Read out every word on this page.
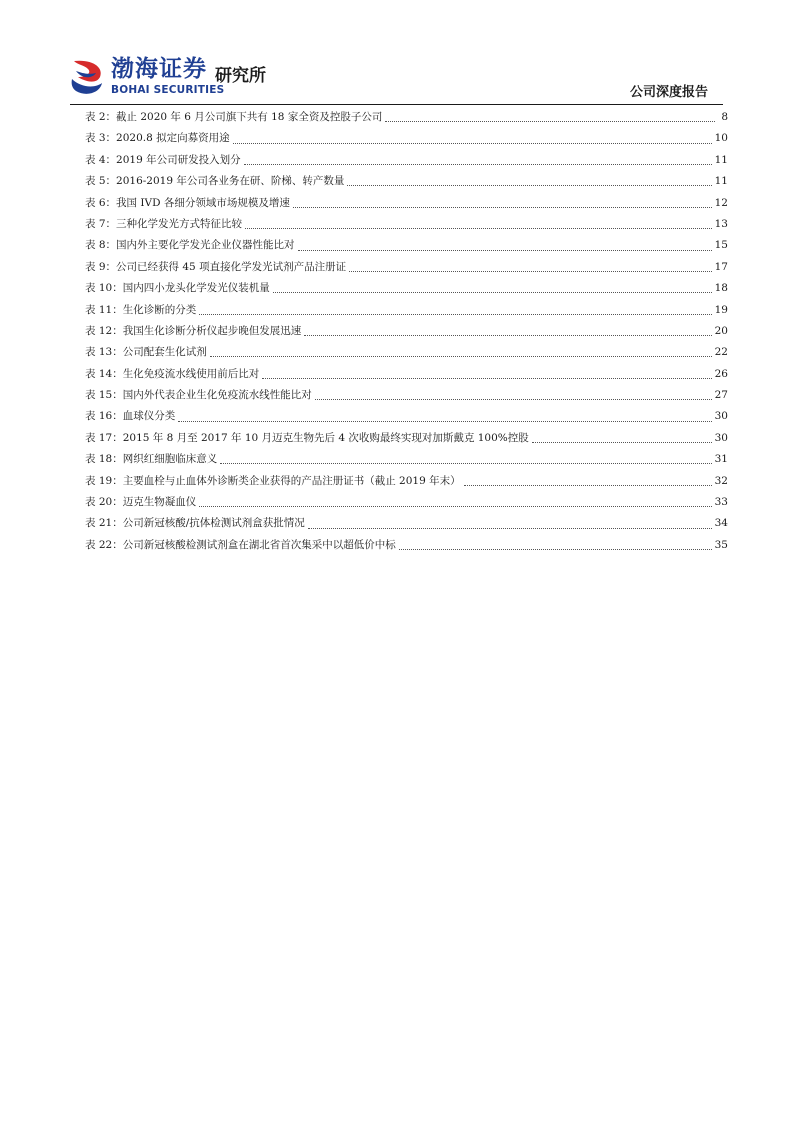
渤海证券
BOHAI SECURITIES
研究所
公司深度报告
表 2： 截止 2020 年 6 月公司旗下共有 18 家全资及控股子公司	8
表 3： 2020.8 拟定向募资用途	10
表 4： 2019 年公司研发投入划分	11
表 5： 2016-2019 年公司各业务在研、阶梯、转产数量	11
表 6： 我国 IVD 各细分领域市场规模及增速	12
表 7： 三种化学发光方式特征比较	13
表 8： 国内外主要化学发光企业仪器性能比对	15
表 9： 公司已经获得 45 项直接化学发光试剂产品注册证	17
表 10： 国内四小龙头化学发光仪装机量	18
表 11： 生化诊断的分类	19
表 12： 我国生化诊断分析仪起步晚但发展迅速	20
表 13： 公司配套生化试剂	22
表 14： 生化免疫流水线使用前后比对	26
表 15： 国内外代表企业生化免疫流水线性能比对	27
表 16： 血球仪分类	30
表 17： 2015 年 8 月至 2017 年 10 月迈克生物先后 4 次收购最终实现对加斯戴克 100%控股	30
表 18： 网织红细胞临床意义	31
表 19： 主要血栓与止血体外诊断类企业获得的产品注册证书（截止 2019 年末）	32
表 20： 迈克生物凝血仪	33
表 21： 公司新冠核酸/抗体检测试剂盒获批情况	34
表 22： 公司新冠核酸检测试剂盒在湖北省首次集采中以超低价中标	35
